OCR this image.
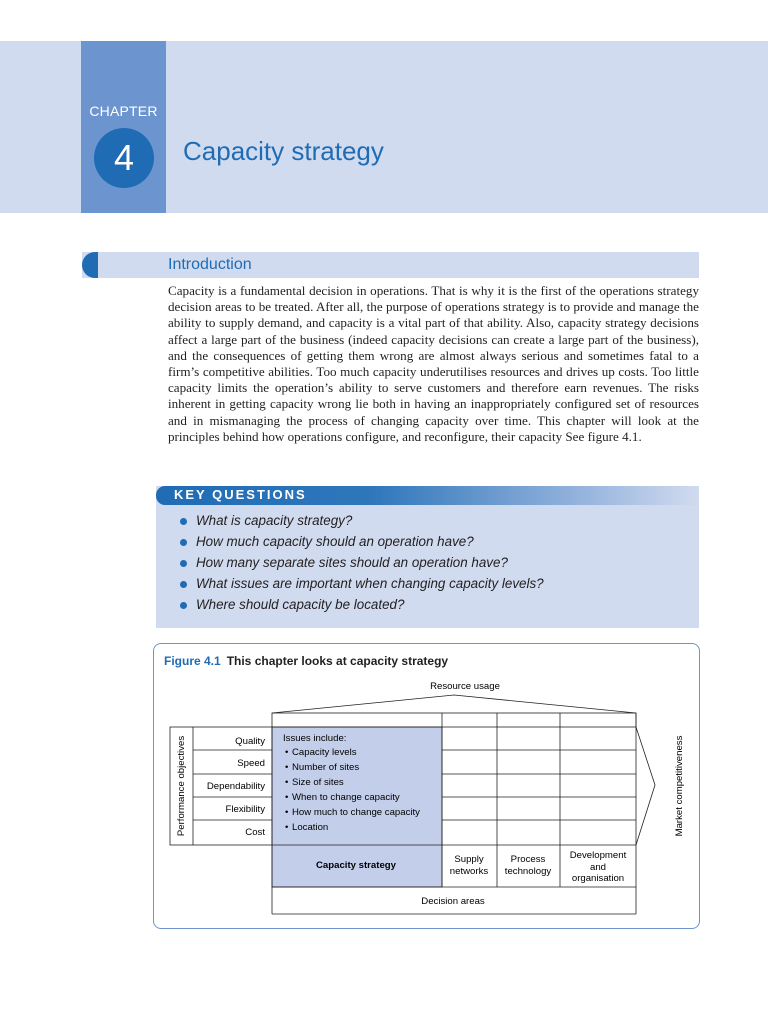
CHAPTER
4	Capacity strategy
Introduction
Capacity is a fundamental decision in operations. That is why it is the first of the operations strategy decision areas to be treated. After all, the purpose of operations strategy is to provide and manage the ability to supply demand, and capacity is a vital part of that ability. Also, capacity strategy decisions affect a large part of the business (indeed capacity decisions can create a large part of the business), and the consequences of getting them wrong are almost always serious and sometimes fatal to a firm’s competitive abilities. Too much capacity underutilises resources and drives up costs. Too little capacity limits the operation’s ability to serve customers and therefore earn revenues. The risks inherent in getting capacity wrong lie both in having an inappropriately configured set of resources and in mismanaging the process of changing capacity over time. This chapter will look at the principles behind how operations configure, and reconfigure, their capacity See figure 4.1.
KEY QUESTIONS
What is capacity strategy?
How much capacity should an operation have?
How many separate sites should an operation have?
What issues are important when changing capacity levels?
Where should capacity be located?
Figure 4.1 This chapter looks at capacity strategy
Resource usage
Performance objectives	Market competitiveness
Quality
Speed
Dependability
Flexibility
Cost
Issues include:
• Capacity levels
• Number of sites
• Size of sites
• When to change capacity
• How much to change capacity
• Location
Capacity strategy
Supply
networks
Process
technology
Development
and
organisation
Decision areas
